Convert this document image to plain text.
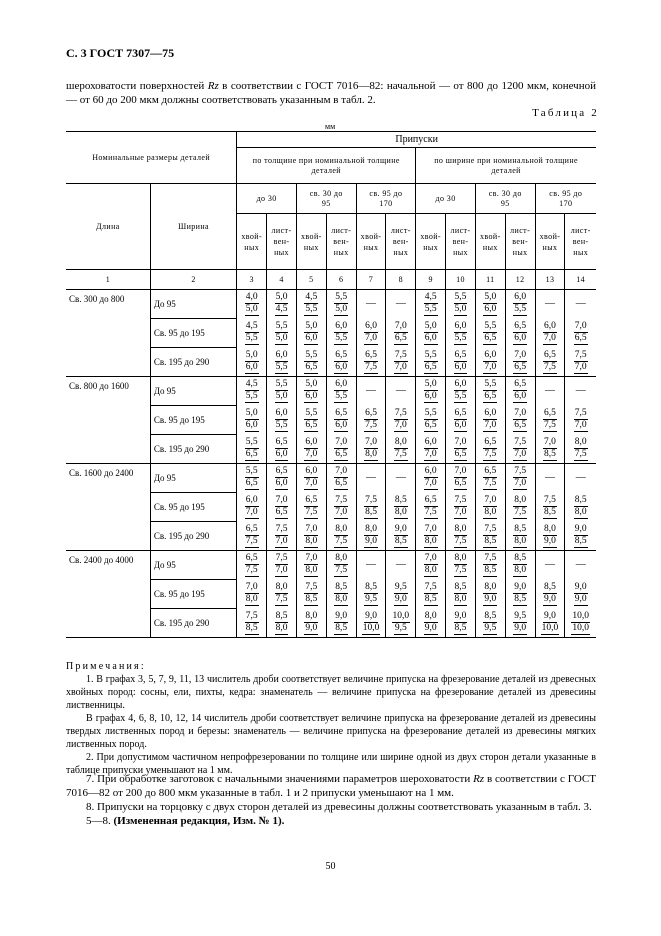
С. 3 ГОСТ 7307—75
шероховатости поверхностей Rz в соответствии с ГОСТ 7016—82: начальной — от 800 до 1200 мкм, конечной — от 60 до 200 мкм должны соответствовать указанным в табл. 2.
Таблица 2
мм
Номинальные размеры деталей		Припуски											
		по толщине при номинальной толщине деталей						по ширине при номинальной толщине деталей					
Длина	Ширина	до 30		св. 30 до 95		св. 95 до 170		до 30		св. 30 до 95		св. 95 до 170	
		хвой-ных	лист-вен-ных	хвой-ных	лист-вен-ных	хвой-ных	лист-вен-ных	хвой-ных	лист-вен-ных	хвой-ных	лист-вен-ных	хвой-ных	лист-вен-ных
1	2	3	4	5	6	7	8	9	10	11	12	13	14
Св. 300 до 800	До 95	$\frac{4,0}{5,0}$	$\frac{5,0}{4,5}$	$\frac{4,5}{5,5}$	$\frac{5,5}{5,0}$	—	—	$\frac{4,5}{5,5}$	$\frac{5,5}{5,0}$	$\frac{5,0}{6,0}$	$\frac{6,0}{5,5}$	—	—
	Св. 95 до 195	$\frac{4,5}{5,5}$	$\frac{5,5}{5,0}$	$\frac{5,0}{6,0}$	$\frac{6,0}{5,5}$	$\frac{6,0}{7,0}$	$\frac{7,0}{6,5}$	$\frac{5,0}{6,0}$	$\frac{6,0}{5,5}$	$\frac{5,5}{6,5}$	$\frac{6,5}{6,0}$	$\frac{6,0}{7,0}$	$\frac{7,0}{6,5}$

	Св. 195 до 290	$\frac{5,0}{6,0}$	$\frac{6,0}{5,5}$	$\frac{5,5}{6,5}$	$\frac{6,5}{6,0}$	$\frac{6,5}{7,5}$	$\frac{7,5}{7,0}$	$\frac{5,5}{6,5}$	$\frac{6,5}{6,0}$	$\frac{6,0}{7,0}$	$\frac{7,0}{6,5}$	$\frac{6,5}{7,5}$	$\frac{7,5}{7,0}$

Св. 800 до 1600	До 95	$\frac{4,5}{5,5}$	$\frac{5,5}{5,0}$	$\frac{5,0}{6,0}$	$\frac{6,0}{5,5}$	—	—	$\frac{5,0}{6,0}$	$\frac{6,0}{5,5}$	$\frac{5,5}{6,5}$	$\frac{6,5}{6,0}$	—	—
	Св. 95 до 195	$\frac{5,0}{6,0}$	$\frac{6,0}{5,5}$	$\frac{5,5}{6,5}$	$\frac{6,5}{6,0}$	$\frac{6,5}{7,5}$	$\frac{7,5}{7,0}$	$\frac{5,5}{6,5}$	$\frac{6,5}{6,0}$	$\frac{6,0}{7,0}$	$\frac{7,0}{6,5}$	$\frac{6,5}{7,5}$	$\frac{7,5}{7,0}$

	Св. 195 до 290	$\frac{5,5}{6,5}$	$\frac{6,5}{6,0}$	$\frac{6,0}{7,0}$	$\frac{7,0}{6,5}$	$\frac{7,0}{8,0}$	$\frac{8,0}{7,5}$	$\frac{6,0}{7,0}$	$\frac{7,0}{6,5}$	$\frac{6,5}{7,5}$	$\frac{7,5}{7,0}$	$\frac{7,0}{8,5}$	$\frac{8,0}{7,5}$

Св. 1600 до 2400	До 95	$\frac{5,5}{6,5}$	$\frac{6,5}{6,0}$	$\frac{6,0}{7,0}$	$\frac{7,0}{6,5}$	—	—	$\frac{6,0}{7,0}$	$\frac{7,0}{6,5}$	$\frac{6,5}{7,5}$	$\frac{7,5}{7,0}$	—	—
	Св. 95 до 195	$\frac{6,0}{7,0}$	$\frac{7,0}{6,5}$	$\frac{6,5}{7,5}$	$\frac{7,5}{7,0}$	$\frac{7,5}{8,5}$	$\frac{8,5}{8,0}$	$\frac{6,5}{7,5}$	$\frac{7,5}{7,0}$	$\frac{7,0}{8,0}$	$\frac{8,0}{7,5}$	$\frac{7,5}{8,5}$	$\frac{8,5}{8,0}$

	Св. 195 до 290	$\frac{6,5}{7,5}$	$\frac{7,5}{7,0}$	$\frac{7,0}{8,0}$	$\frac{8,0}{7,5}$	$\frac{8,0}{9,0}$	$\frac{9,0}{8,5}$	$\frac{7,0}{8,0}$	$\frac{8,0}{7,5}$	$\frac{7,5}{8,5}$	$\frac{8,5}{8,0}$	$\frac{8,0}{9,0}$	$\frac{9,0}{8,5}$

Св. 2400 до 4000	До 95	$\frac{6,5}{7,5}$	$\frac{7,5}{7,0}$	$\frac{7,0}{8,0}$	$\frac{8,0}{7,5}$	—	—	$\frac{7,0}{8,0}$	$\frac{8,0}{7,5}$	$\frac{7,5}{8,5}$	$\frac{8,5}{8,0}$	—	—
	Св. 95 до 195	$\frac{7,0}{8,0}$	$\frac{8,0}{7,5}$	$\frac{7,5}{8,5}$	$\frac{8,5}{8,0}$	$\frac{8,5}{9,5}$	$\frac{9,5}{9,0}$	$\frac{7,5}{8,5}$	$\frac{8,5}{8,0}$	$\frac{8,0}{9,0}$	$\frac{9,0}{8,5}$	$\frac{8,5}{9,0}$	$\frac{9,0}{9,0}$

	Св. 195 до 290	$\frac{7,5}{8,5}$	$\frac{8,5}{8,0}$	$\frac{8,0}{9,0}$	$\frac{9,0}{8,5}$	$\frac{9,0}{10,0}$	$\frac{10,0}{9,5}$	$\frac{8,0}{9,0}$	$\frac{9,0}{8,5}$	$\frac{8,5}{9,5}$	$\frac{9,5}{9,0}$	$\frac{9,0}{10,0}$	$\frac{10,0}{10,0}$
Примечания:

1. В графах 3, 5, 7, 9, 11, 13 числитель дроби соответствует величине припуска на фрезерование деталей из древесных хвойных пород: сосны, ели, пихты, кедра: знаменатель — величине припуска на фрезерование деталей из древесины лиственницы.

В графах 4, 6, 8, 10, 12, 14 числитель дроби соответствует величине припуска на фрезерование деталей из древесины твердых лиственных пород и березы: знаменатель — величине припуска на фрезерование деталей из древесины мягких лиственных пород.

2. При допустимом частичном непрофрезеровании по толщине или ширине одной из двух сторон детали указанные в таблице припуски уменьшают на 1 мм.

7. При обработке заготовок с начальными значениями параметров шероховатости Rz в соответствии с ГОСТ 7016—82 от 200 до 800 мкм указанные в табл. 1 и 2 припуски уменьшают на 1 мм.

8. Припуски на торцовку с двух сторон деталей из древесины должны соответствовать указанным в табл. 3.

5—8. (Измененная редакция, Изм. № 1).

50
